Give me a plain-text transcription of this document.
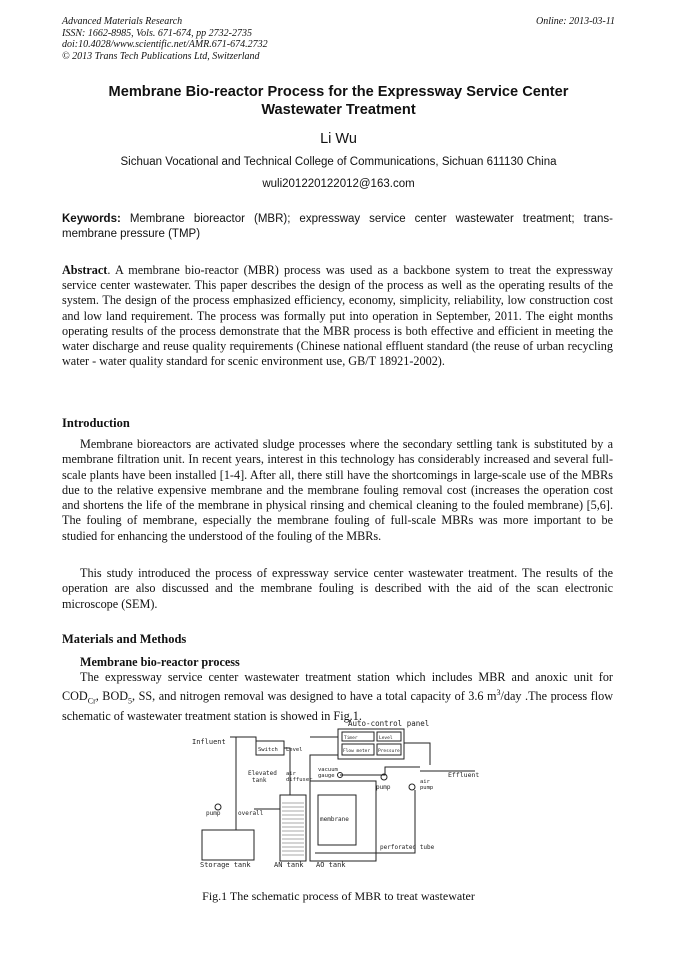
Advanced Materials Research
ISSN: 1662-8985, Vols. 671-674, pp 2732-2735
doi:10.4028/www.scientific.net/AMR.671-674.2732
© 2013 Trans Tech Publications Ltd, Switzerland
Online: 2013-03-11
Membrane Bio-reactor Process for the Expressway Service Center
Wastewater Treatment
Li Wu
Sichuan Vocational and Technical College of Communications, Sichuan 611130 China
wuli201220122012@163.com
Keywords: Membrane bioreactor (MBR); expressway service center wastewater treatment; trans-membrane pressure (TMP)
Abstract. A membrane bio-reactor (MBR) process was used as a backbone system to treat the expressway service center wastewater. This paper describes the design of the process as well as the operating results of the system. The design of the process emphasized efficiency, economy, simplicity, reliability, low construction cost and low land requirement. The process was formally put into operation in September, 2011. The eight months operating results of the process demonstrate that the MBR process is both effective and efficient in meeting the water discharge and reuse quality requirements (Chinese national effluent standard (the reuse of urban recycling water - water quality standard for scenic environment use, GB/T 18921-2002).
Introduction
Membrane bioreactors are activated sludge processes where the secondary settling tank is substituted by a membrane filtration unit. In recent years, interest in this technology has considerably increased and several full-scale plants have been installed [1-4]. After all, there still have the shortcomings in large-scale use of the MBRs due to the relative expensive membrane and the membrane fouling removal cost (increases the operation cost and shortens the life of the membrane in physical rinsing and chemical cleaning to the fouled membrane) [5,6]. The fouling of membrane, especially the membrane fouling of full-scale MBRs was more important to be studied for enhancing the understood of the fouling of the MBRs.
This study introduced the process of expressway service center wastewater treatment. The results of the operation are also discussed and the membrane fouling is described with the aid of the scan electronic microscope (SEM).
Materials and Methods
Membrane bio-reactor process
The expressway service center wastewater treatment station which includes MBR and anoxic unit for $COD_{Cr}$, $BOD_5$, SS, and nitrogen removal was designed to have a total capacity of 3.6 $m^3$/day .The process flow schematic of wastewater treatment station is showed in Fig.1.
Auto-control panel
Timer	Level
Flow meter Pressure
Influent
Switch Level
Elevated
tank
air
diffuser
pump	overall
vacuum
gauge
membrane
pump
Effluent
air
pump
Storage tank	AN tank AO tank
perforated tube
Fig.1 The schematic process of MBR to treat wastewater
